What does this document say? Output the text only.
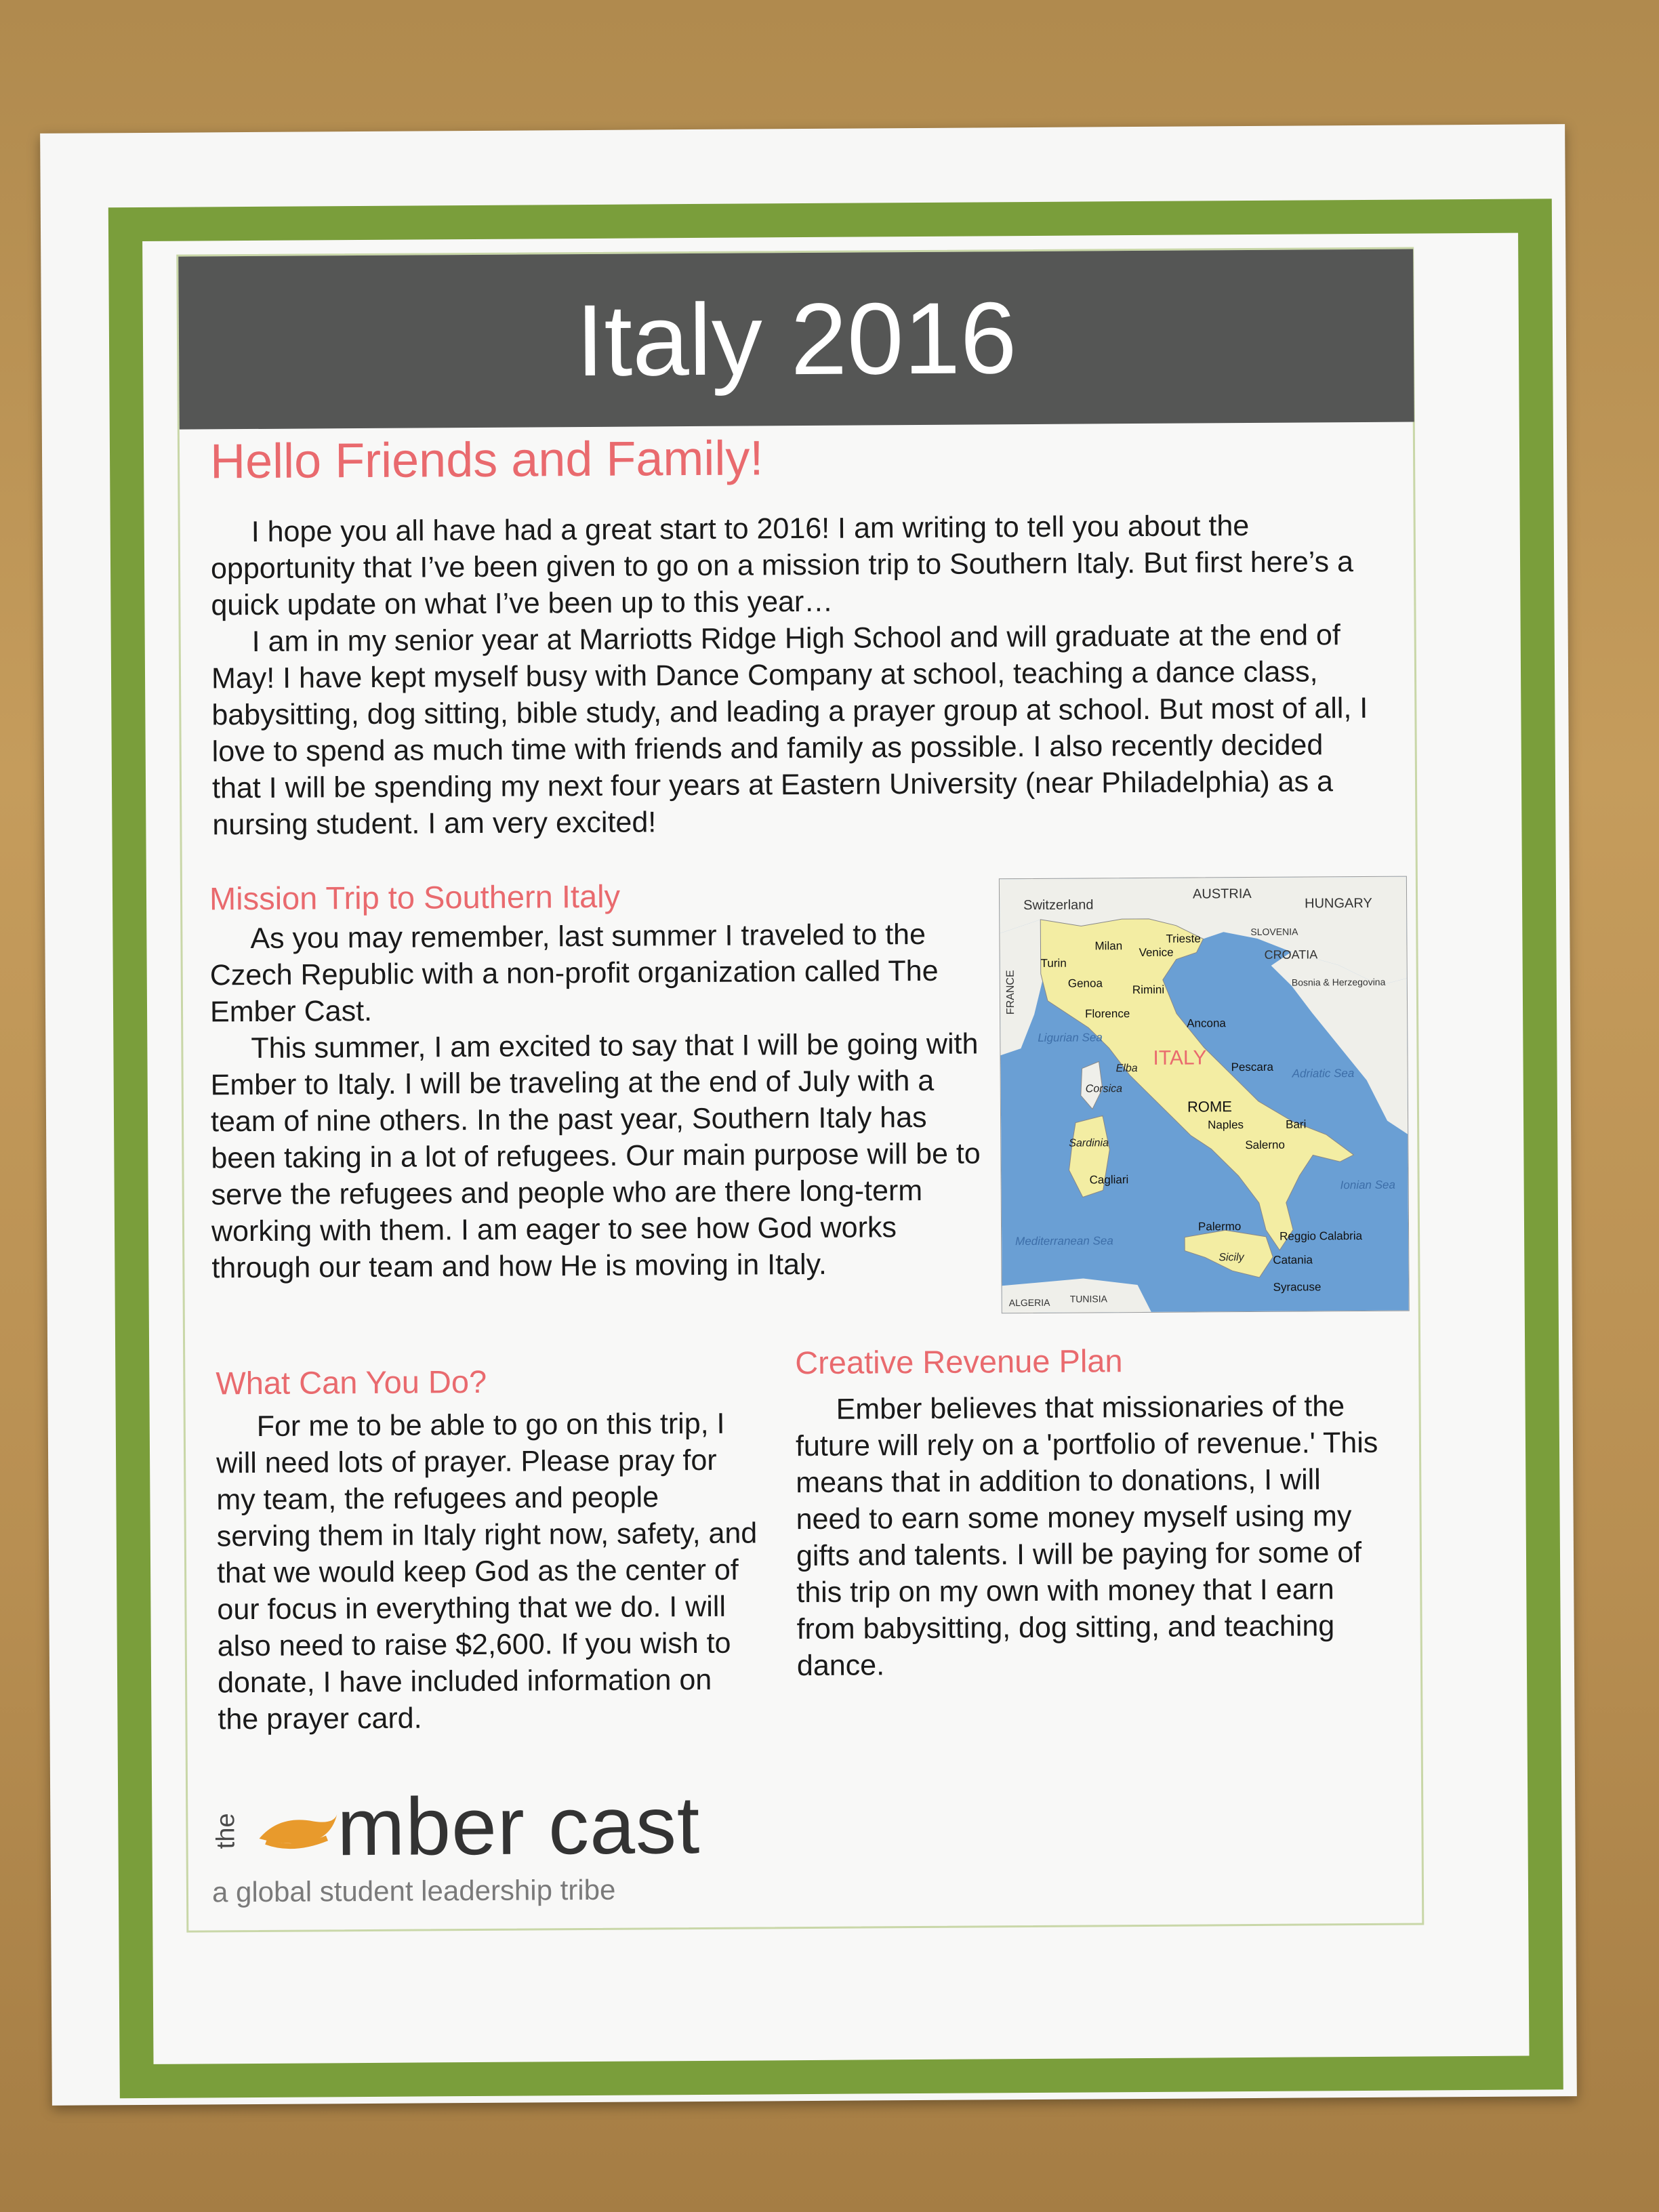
Italy 2016
Hello Friends and Family!

I hope you all have had a great start to 2016! I am writing to tell you about the opportunity that I’ve been given to go on a mission trip to Southern Italy. But first here’s a quick update on what I’ve been up to this year…

I am in my senior year at Marriotts Ridge High School and will graduate at the end of May! I have kept myself busy with Dance Company at school, teaching a dance class, babysitting, dog sitting, bible study, and leading a prayer group at school. But most of all, I love to spend as much time with friends and family as possible. I also recently decided that I will be spending my next four years at Eastern University (near Philadelphia) as a nursing student. I am very excited!

Mission Trip to Southern Italy

As you may remember, last summer I traveled to the Czech Republic with a non-profit organization called The Ember Cast.

This summer, I am excited to say that I will be going with Ember to Italy. I will be traveling at the end of July with a team of nine others. In the past year, Southern Italy has been taking in a lot of refugees. Our main purpose will be to serve the refugees and people who are there long-term working with them. I am eager to see how God works through our team and how He is moving in Italy.

AUSTRIA
HUNGARY
Switzerland
SLOVENIA
CROATIA
Bosnia & Herzegovina
FRANCE
ALGERIA TUNISIA
ITALY
Ligurian Sea
Adriatic Sea
Ionian Sea
Mediterranean Sea
Milan Venice
Trieste
Turin
Genoa	Rimini
Florence
Ancona
Pescara
ROME
Naples
Salerno
Bari
Cagliari
Palermo
Reggio Calabria
Catania
Syracuse
Corsica
Elba
Sardinia
Sicily
What Can You Do?

For me to be able to go on this trip, I will need lots of prayer. Please pray for my team, the refugees and people serving them in Italy right now, safety, and that we would keep God as the center of our focus in everything that we do. I will also need to raise $2,600. If you wish to donate, I have included information on the prayer card.

Creative Revenue Plan

Ember believes that missionaries of the future will rely on a 'portfolio of revenue.' This means that in addition to donations, I will need to earn some money myself using my gifts and talents. I will be paying for some of this trip on my own with money that I earn from babysitting, dog sitting, and teaching dance.

the mber cast
a global student leadership tribe
